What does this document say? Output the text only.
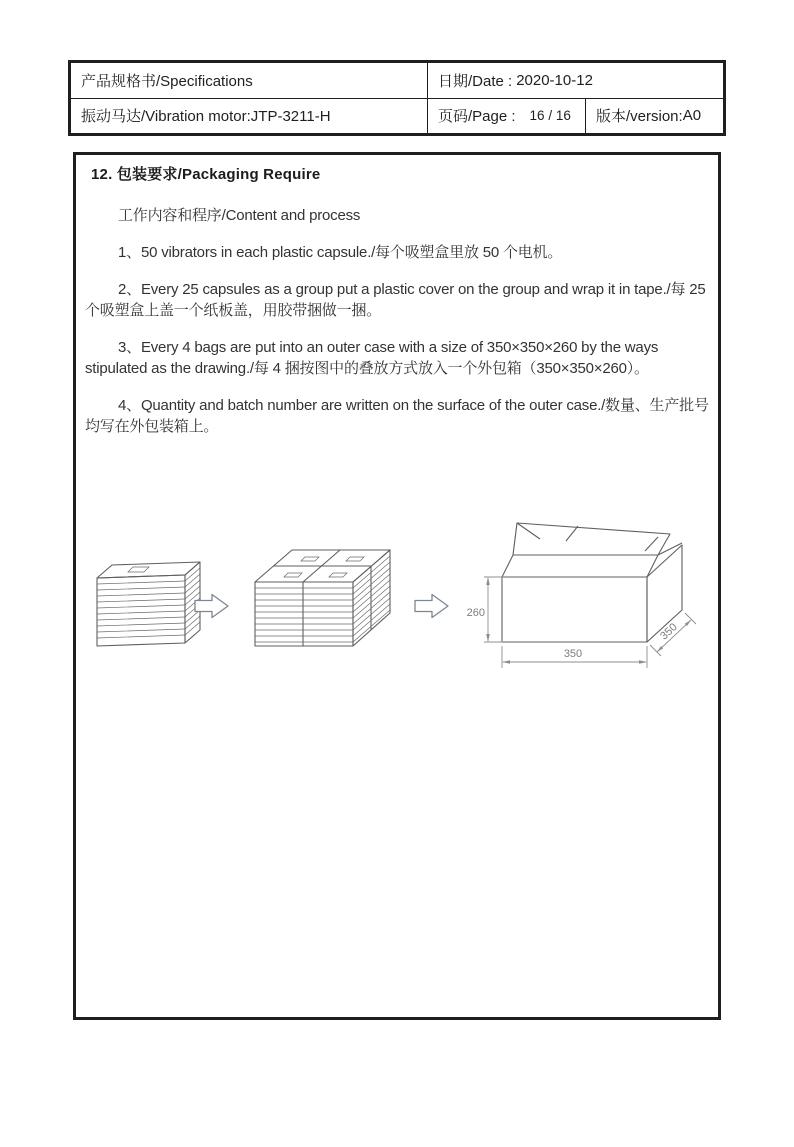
产品规格书/Specifications	日期/Date : 2020-10-12
振动马达/Vibration motor:JTP-3211-H	页码/Page : 16 / 16 版本/version: A0
12. 包装要求/Packaging Require

工作内容和程序/Content and process

1、50 vibrators in each plastic capsule./每个吸塑盒里放 50 个电机。

2、Every 25 capsules as a group put a plastic cover on the group and wrap it in tape./每 25 个吸塑盒上盖一个纸板盖，用胶带捆做一捆。

3、Every 4 bags are put into an outer case with a size of 350×350×260 by the ways stipulated as the drawing./每 4 捆按图中的叠放方式放入一个外包箱（350×350×260）。

4、Quantity and batch number are written on the surface of the outer case./数量、生产批号均写在外包装箱上。

260
350
350
